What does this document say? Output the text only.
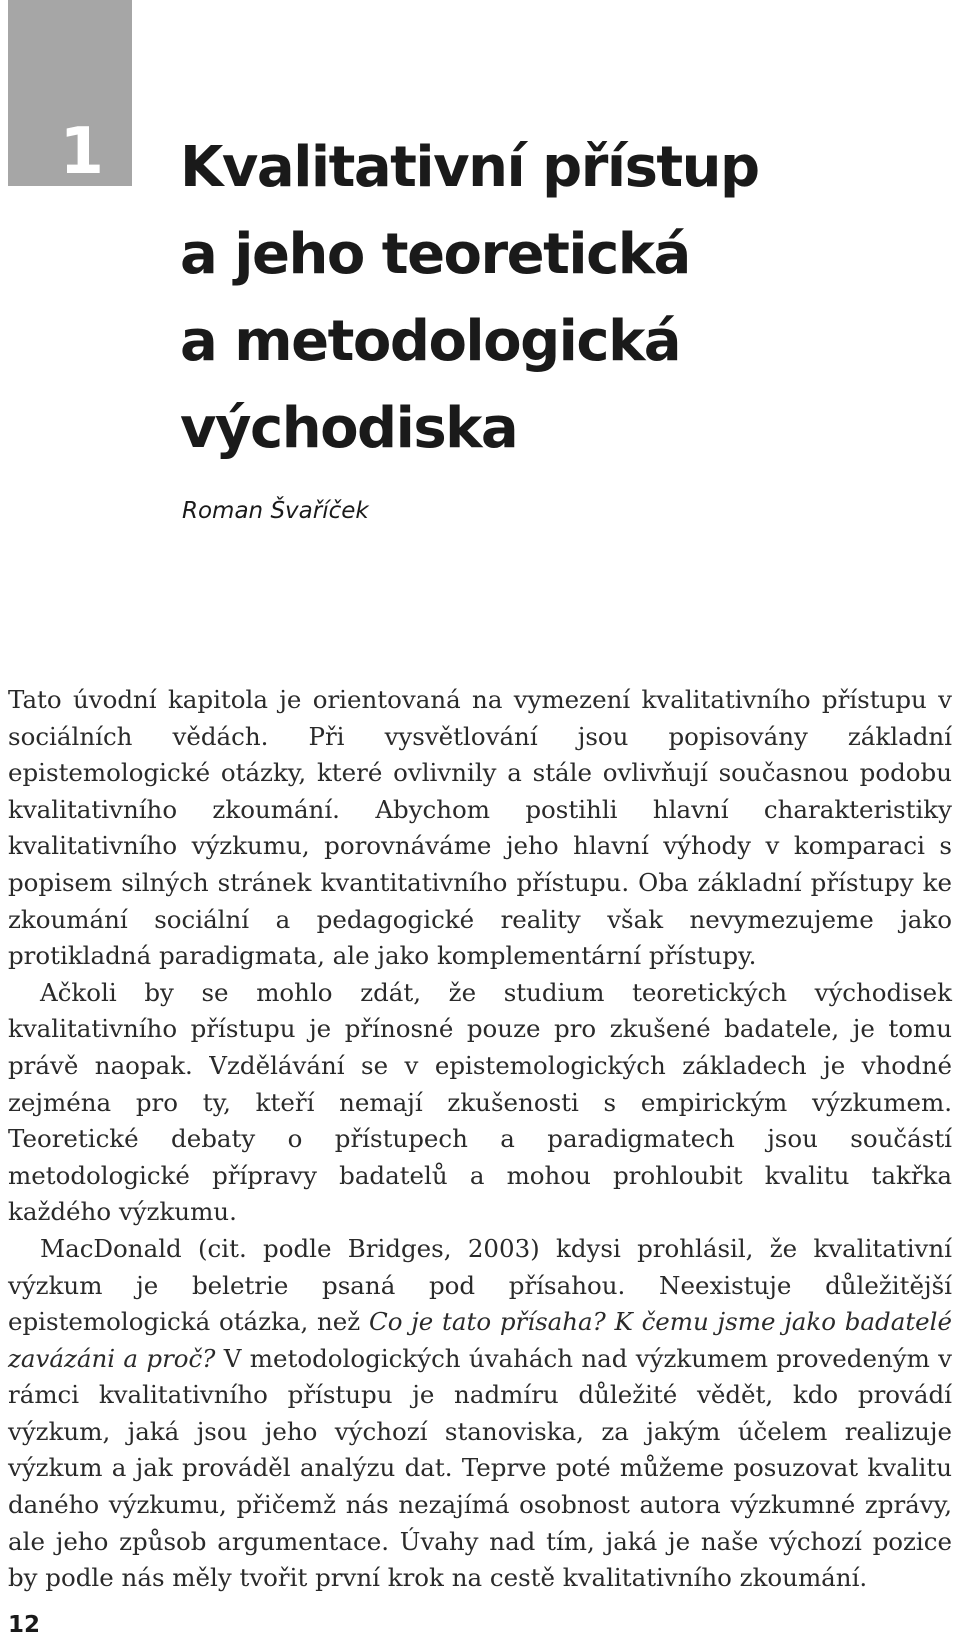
1 Kvalitativní přístup
a jeho teoretická
a metodologická
východiska
Roman Švaříček

Tato úvodní kapitola je orientovaná na vymezení kvalitativního přístupu v sociálních vědách. Při vysvětlování jsou popisovány základní epistemologické otázky, které ovlivnily a stále ovlivňují současnou podobu kvalitativního zkoumání. Abychom postihli hlavní charakteristiky kvalitativního výzkumu, porovnáváme jeho hlavní výhody v komparaci s popisem silných stránek kvantitativního přístupu. Oba základní přístupy ke zkoumání sociální a pedagogické reality však nevymezujeme jako protikladná paradigmata, ale jako komplementární přístupy.

Ačkoli by se mohlo zdát, že studium teoretických východisek kvalitativního přístupu je přínosné pouze pro zkušené badatele, je tomu právě naopak. Vzdělávání se v epistemologických základech je vhodné zejména pro ty, kteří nemají zkušenosti s empirickým výzkumem. Teoretické debaty o přístupech a paradigmatech jsou součástí metodologické přípravy badatelů a mohou prohloubit kvalitu takřka každého výzkumu.

MacDonald (cit. podle Bridges, 2003) kdysi prohlásil, že kvalitativní výzkum je beletrie psaná pod přísahou. Neexistuje důležitější epistemologická otázka, než Co je tato přísaha? K čemu jsme jako badatelé zavázáni a proč? V metodologických úvahách nad výzkumem provedeným v rámci kvalitativního přístupu je nadmíru důležité vědět, kdo provádí výzkum, jaká jsou jeho výchozí stanoviska, za jakým účelem realizuje výzkum a jak prováděl analýzu dat. Teprve poté můžeme posuzovat kvalitu daného výzkumu, přičemž nás nezajímá osobnost autora výzkumné zprávy, ale jeho způsob argumentace. Úvahy nad tím, jaká je naše výchozí pozice by podle nás měly tvořit první krok na cestě kvalitativního zkoumání.

12
